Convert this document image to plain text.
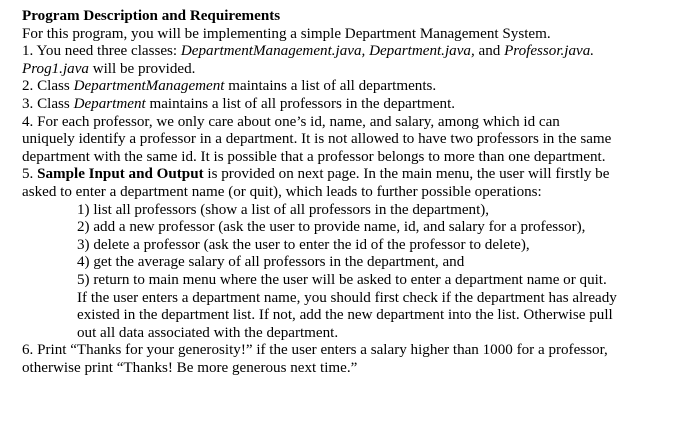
Program Description and Requirements
For this program, you will be implementing a simple Department Management System.
1. You need three classes: DepartmentManagement.java, Department.java, and Professor.java.
Prog1.java will be provided.
2. Class DepartmentManagement maintains a list of all departments.
3. Class Department maintains a list of all professors in the department.
4. For each professor, we only care about one’s id, name, and salary, among which id can
uniquely identify a professor in a department. It is not allowed to have two professors in the same
department with the same id. It is possible that a professor belongs to more than one department.
5. Sample Input and Output is provided on next page. In the main menu, the user will firstly be
asked to enter a department name (or quit), which leads to further possible operations:
1) list all professors (show a list of all professors in the department),
2) add a new professor (ask the user to provide name, id, and salary for a professor),
3) delete a professor (ask the user to enter the id of the professor to delete),
4) get the average salary of all professors in the department, and
5) return to main menu where the user will be asked to enter a department name or quit.
If the user enters a department name, you should first check if the department has already
existed in the department list. If not, add the new department into the list. Otherwise pull
out all data associated with the department.
6. Print “Thanks for your generosity!” if the user enters a salary higher than 1000 for a professor,
otherwise print “Thanks! Be more generous next time.”
